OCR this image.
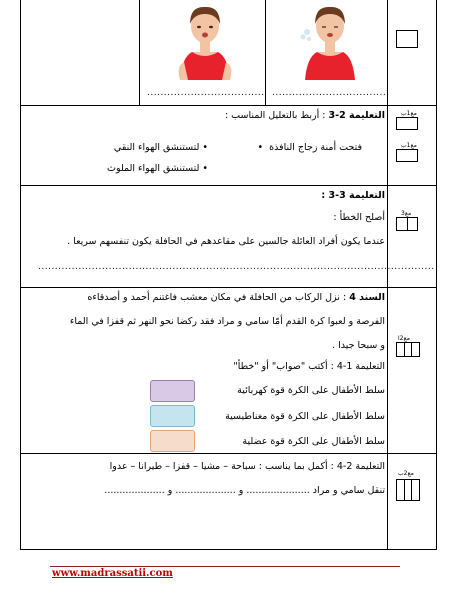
................................... ...................................
مع1ب
مع1ب
مع3
مع2ا
مع2ب
التعليمة 2-3 : أربط بالتعليل المناسب :
فتحت أمنة زجاج النافذة  •
• لتستنشق الهواء النقي
• لتستنشق الهواء الملوث
التعليمة 3-3 :
أصلح الخطأ :
عندما يكون أفراد العائلة جالسين على مقاعدهم في الحافلة يكون تنفسهم سريعا .
......................................................................................................................
السند 4 : نزل الركاب من الحافلة في مكان معشب فاغتنم أحمد و أصدقاءه
الفرصة و لعبوا كرة القدم أمّا سامي و مراد فقد ركضا نحو النهر ثم قفزا في الماء
و سبحا جيدا .
التعليمة 1-4 : أكتب "صواب" أو "خطأ"
سلط الأطفال على الكرة قوة كهربائية
سلط الأطفال على الكرة قوة مغناطيسية
سلط الأطفال على الكرة قوة عضلية
التعليمة 2-4 : أكمل بما يناسب : سباحة – مشيا – قفزا – طيرانا – عدوا
تنقل سامي و مراد ..................... و .................... و ....................
www.madrassatii.com
